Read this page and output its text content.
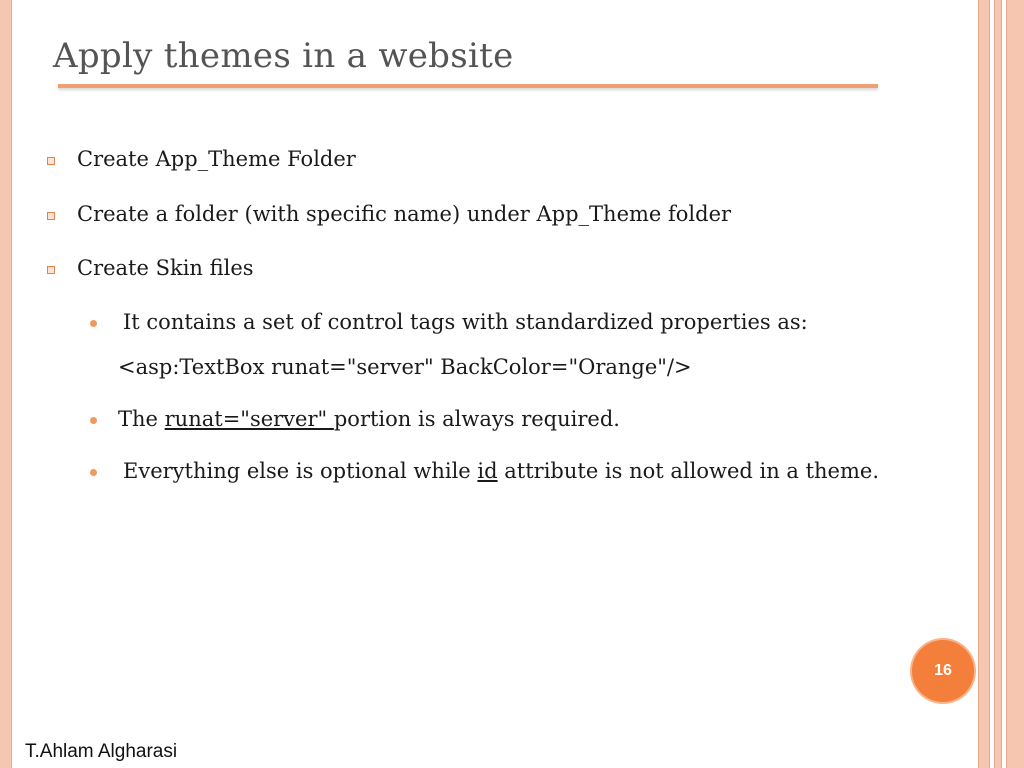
Apply themes in a website
Create App_Theme Folder
Create a folder (with specific name) under App_Theme folder
Create Skin files
It contains a set of control tags with standardized properties as:
<asp:TextBox runat="server" BackColor="Orange"/>
The runat="server" portion is always required.
Everything else is optional while id attribute is not allowed in a theme.
16
T.Ahlam Algharasi
